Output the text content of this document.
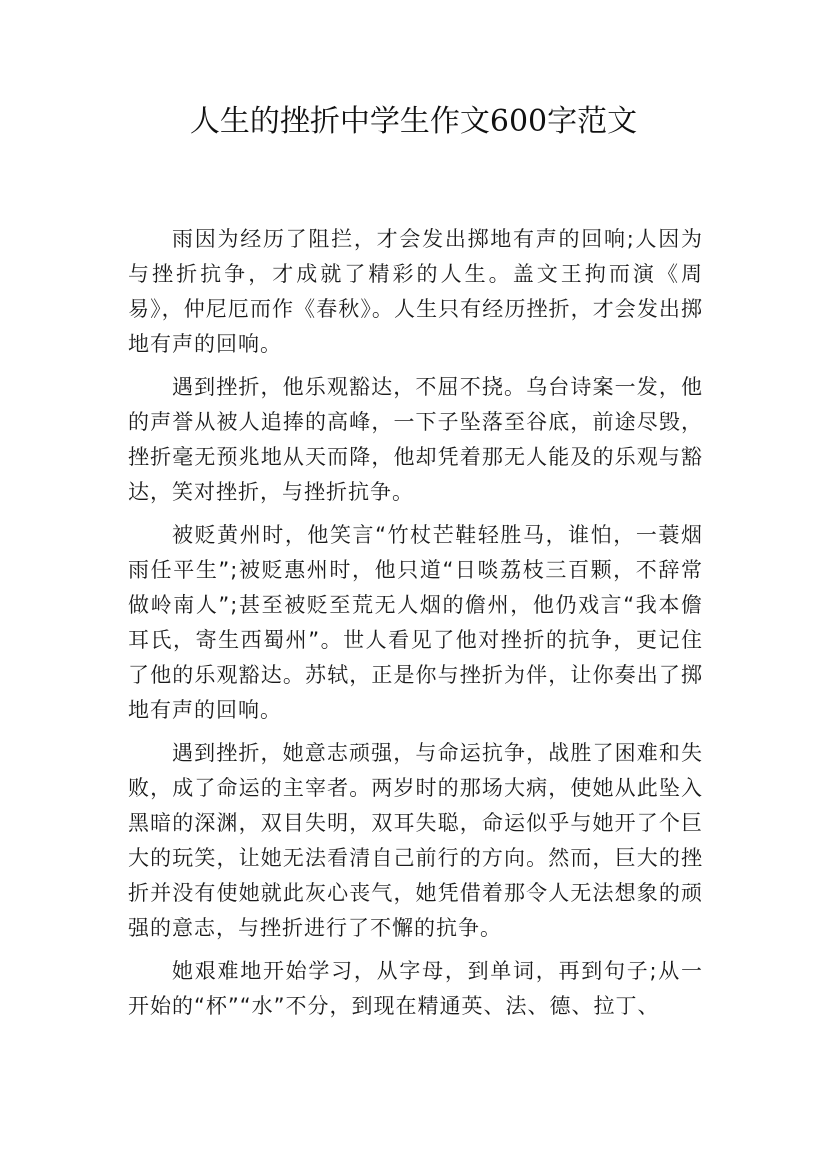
人生的挫折中学生作文600字范文

雨因为经历了阻拦，才会发出掷地有声的回响;人因为与挫折抗争，才成就了精彩的人生。盖文王拘而演《周易》，仲尼厄而作《春秋》。人生只有经历挫折，才会发出掷地有声的回响。

遇到挫折，他乐观豁达，不屈不挠。乌台诗案一发，他的声誉从被人追捧的高峰，一下子坠落至谷底，前途尽毁，挫折毫无预兆地从天而降，他却凭着那无人能及的乐观与豁达，笑对挫折，与挫折抗争。

被贬黄州时，他笑言“竹杖芒鞋轻胜马，谁怕，一蓑烟雨任平生”;被贬惠州时，他只道“日啖荔枝三百颗，不辞常做岭南人”;甚至被贬至荒无人烟的儋州，他仍戏言“我本儋耳氏，寄生西蜀州”。世人看见了他对挫折的抗争，更记住了他的乐观豁达。苏轼，正是你与挫折为伴，让你奏出了掷地有声的回响。

遇到挫折，她意志顽强，与命运抗争，战胜了困难和失败，成了命运的主宰者。两岁时的那场大病，使她从此坠入黑暗的深渊，双目失明，双耳失聪，命运似乎与她开了个巨大的玩笑，让她无法看清自己前行的方向。然而，巨大的挫折并没有使她就此灰心丧气，她凭借着那令人无法想象的顽强的意志，与挫折进行了不懈的抗争。

她艰难地开始学习，从字母，到单词，再到句子;从一开始的“杯”“水”不分，到现在精通英、法、德、拉丁、
